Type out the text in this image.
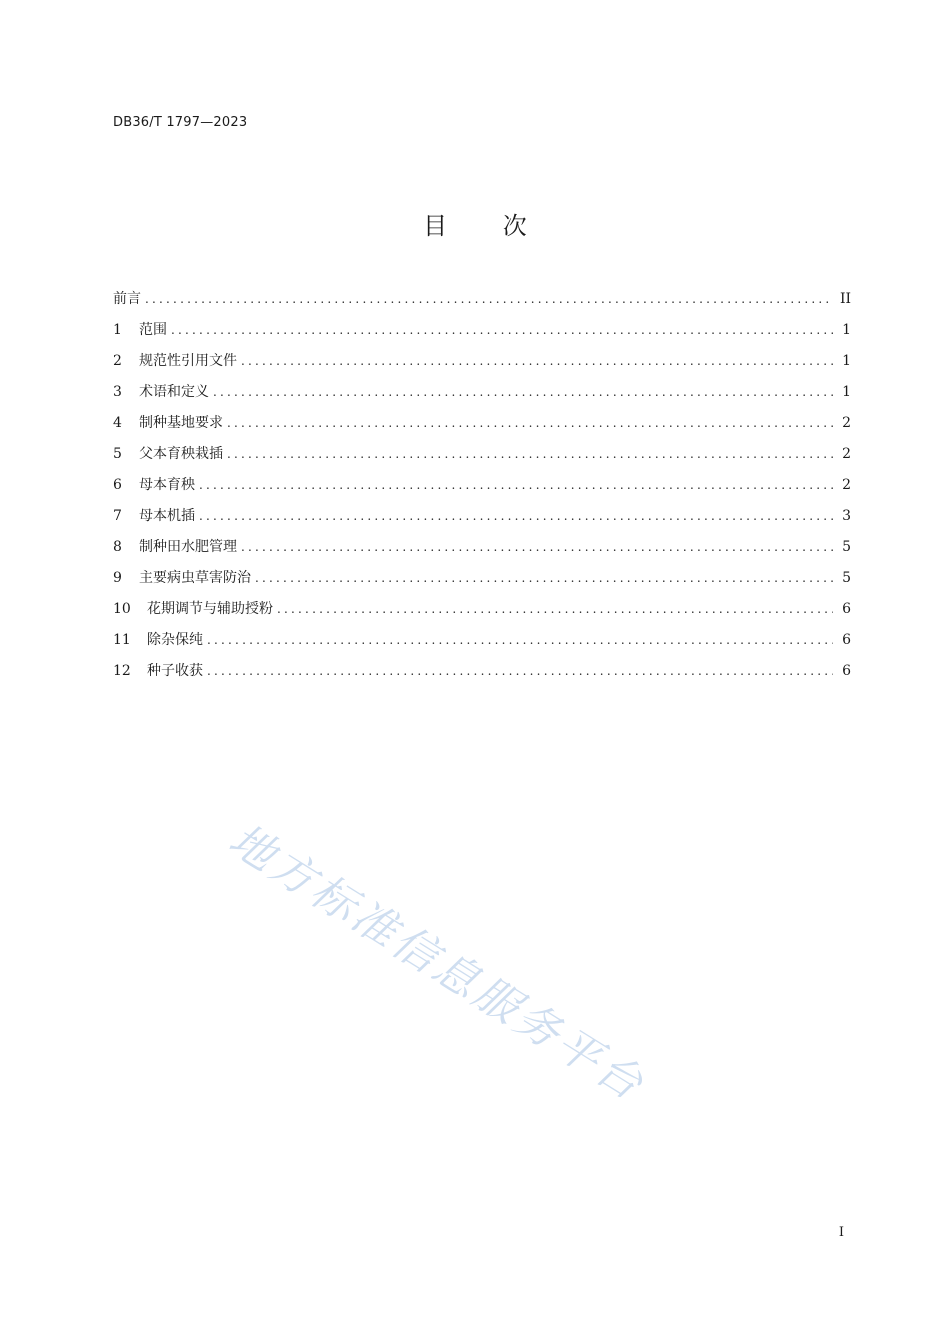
DB36/T 1797—2023
目 次
前言 .....	II
1	范围 .....	1
2	规范性引用文件 .....	1
3	术语和定义 .....	1
4	制种基地要求 .....	2
5	父本育秧栽插 .....	2
6	母本育秧 .....	2
7	母本机插 .....	3
8	制种田水肥管理 .....	5
9	主要病虫草害防治 .....	5
10	花期调节与辅助授粉 .....	6
11	除杂保纯 .....	6
12	种子收获 .....	6
地方标准信息服务平台
I
